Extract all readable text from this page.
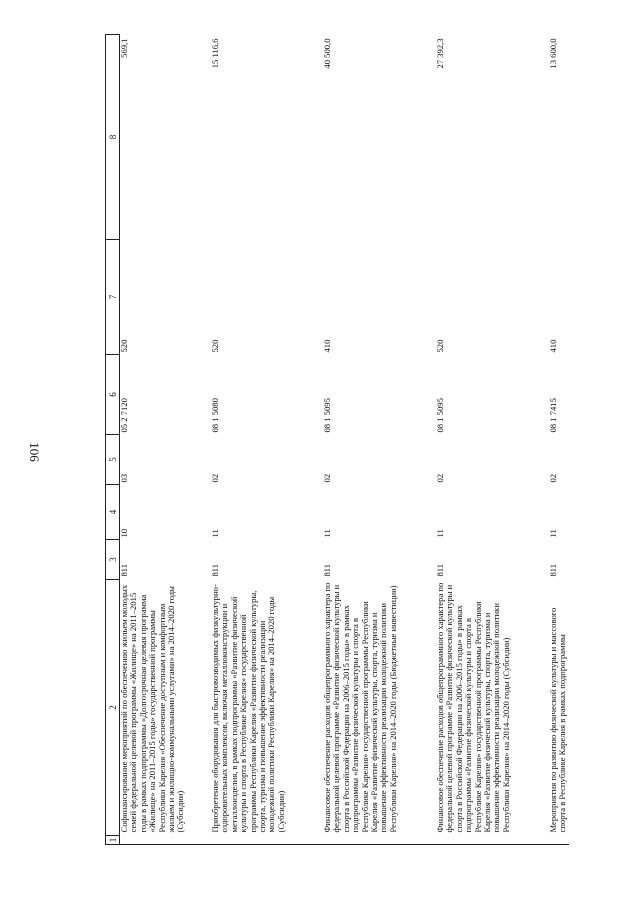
106
1	2	3	4	5	6	7	8
	Софинансирование мероприятий по обеспечению жильем молодых семей федеральной целевой программы «Жилище» на 2011–2015 годы в рамках подпрограммы «Долгосрочная целевая программа «Жилище» на 2011–2015 годы» государственной программы Республики Карелия «Обеспечение доступным и комфортным жильем и жилищно-коммунальными услугами» на 2014–2020 годы (Субсидии)	811	10	03	05 2 7120	520	569,1
	Приобретение оборудования для быстровозводимых физкультурно-оздоровительных комплексов, включая металлоконструкции и металлоизделия, в рамках подпрограммы «Развитие физической культуры и спорта в Республике Карелия» государственной программы Республики Карелия «Развитие физической культуры, спорта, туризма и повышение эффективности реализации молодежной политики Республики Карелия» на 2014–2020 годы (Субсидии)	811	11	02	08 1 5080	520	15 116,6
	Финансовое обеспечение расходов общепрограммного характера по федеральной целевой программе «Развитие физической культуры и спорта в Российской Федерации на 2006–2015 годы» в рамках подпрограммы «Развитие физической культуры и спорта в Республике Карелия» государственной программы Республики Карелия «Развитие физической культуры, спорта, туризма и повышение эффективности реализации молодежной политики Республики Карелия» на 2014–2020 годы (Бюджетные инвестиции)	811	11	02	08 1 5095	410	40 500,0
	Финансовое обеспечение расходов общепрограммного характера по федеральной целевой программе «Развитие физической культуры и спорта в Российской Федерации на 2006–2015 годы» в рамках подпрограммы «Развитие физической культуры и спорта в Республике Карелия» государственной программы Республики Карелия «Развитие физической культуры, спорта, туризма и повышение эффективности реализации молодежной политики Республики Карелия» на 2014–2020 годы (Субсидии)	811	11	02	08 1 5095	520	27 392,3
	Мероприятия по развитию физической культуры и массового спорта в Республике Карелия в рамках подпрограммы	811	11	02	08 1 7415	410	13 600,0
